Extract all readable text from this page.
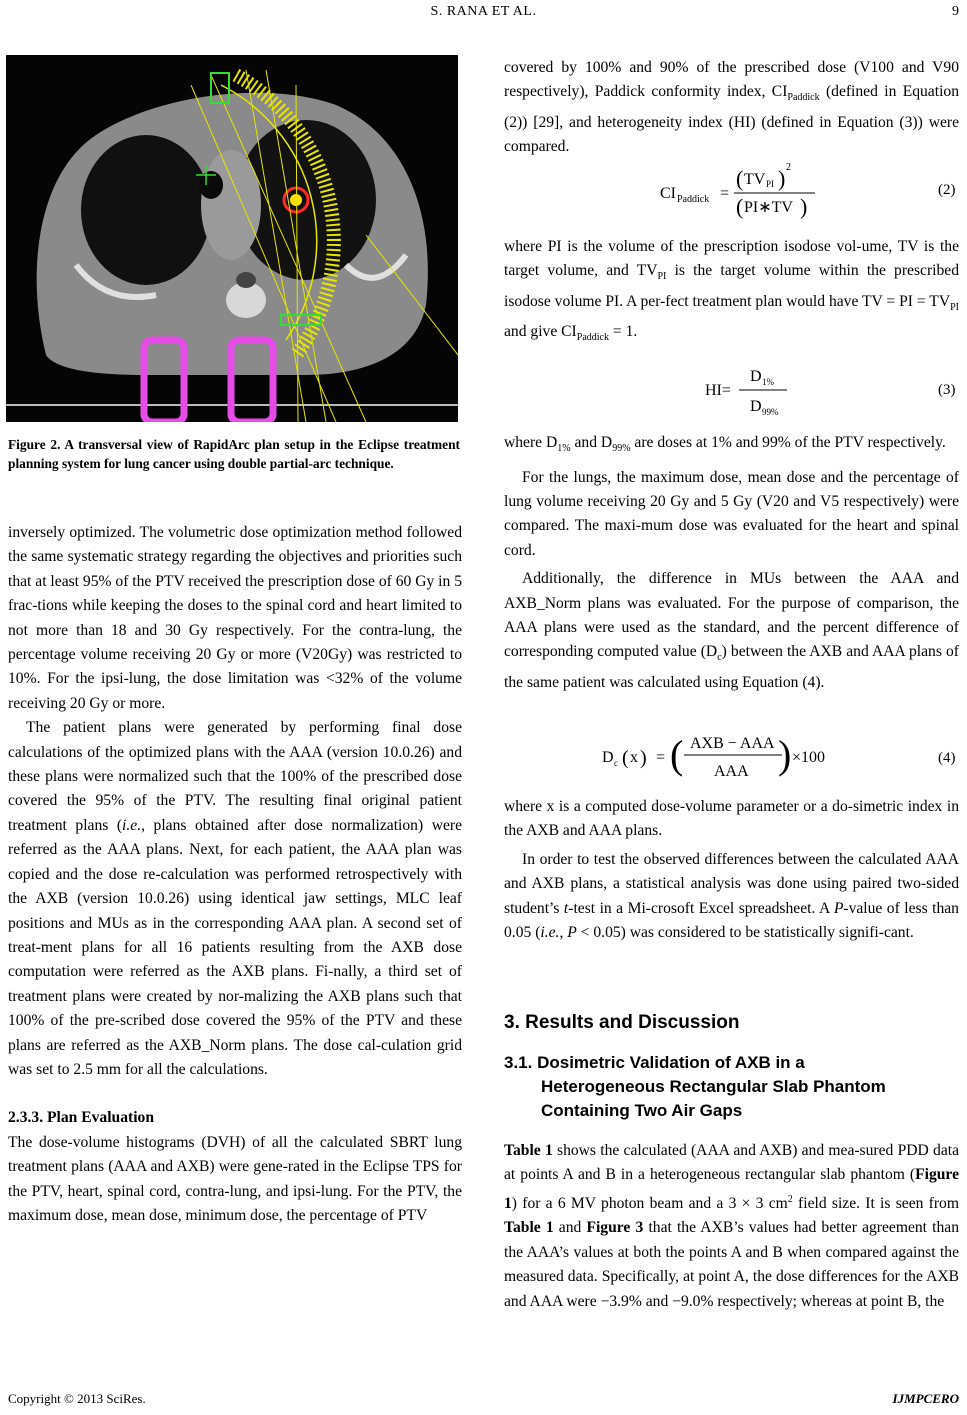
S. RANA ET AL.	9
Figure 2. A transversal view of RapidArc plan setup in the Eclipse treatment planning system for lung cancer using double partial-arc technique.

inversely optimized. The volumetric dose optimization method followed the same systematic strategy regarding the objectives and priorities such that at least 95% of the PTV received the prescription dose of 60 Gy in 5 frac-tions while keeping the doses to the spinal cord and heart limited to not more than 18 and 30 Gy respectively. For the contra-lung, the percentage volume receiving 20 Gy or more (V20Gy) was restricted to 10%. For the ipsi-lung, the dose limitation was <32% of the volume receiving 20 Gy or more.

The patient plans were generated by performing final dose calculations of the optimized plans with the AAA (version 10.0.26) and these plans were normalized such that the 100% of the prescribed dose covered the 95% of the PTV. The resulting final original patient treatment plans (i.e., plans obtained after dose normalization) were referred as the AAA plans. Next, for each patient, the AAA plan was copied and the dose re-calculation was performed retrospectively with the AXB (version 10.0.26) using identical jaw settings, MLC leaf positions and MUs as in the corresponding AAA plan. A second set of treat-ment plans for all 16 patients resulting from the AXB dose computation were referred as the AXB plans. Fi-nally, a third set of treatment plans were created by nor-malizing the AXB plans such that 100% of the pre-scribed dose covered the 95% of the PTV and these plans are referred as the AXB_Norm plans. The dose cal-culation grid was set to 2.5 mm for all the calculations.

2.3.3. Plan Evaluation

The dose-volume histograms (DVH) of all the calculated SBRT lung treatment plans (AAA and AXB) were gene-rated in the Eclipse TPS for the PTV, heart, spinal cord, contra-lung, and ipsi-lung. For the PTV, the maximum dose, mean dose, minimum dose, the percentage of PTV

covered by 100% and 90% of the prescribed dose (V100 and V90 respectively), Paddick conformity index, $CI_{Paddick}$ (defined in Equation (2)) [29], and heterogeneity index (HI) (defined in Equation (3)) were compared.

CI Paddick =
( TV PI ) 2
( PI∗TV )
(2)

where PI is the volume of the prescription isodose vol-ume, TV is the target volume, and $TV_{PI}$ is the target volume within the prescribed isodose volume PI. A per-fect treatment plan would have TV = PI = $TV_{PI}$ and give $CI_{Paddick} = 1$.

HI=
D 1%
D 99%
(3)

where $D_{1\%}$ and $D_{99\%}$ are doses at 1% and 99% of the PTV respectively.

For the lungs, the maximum dose, mean dose and the percentage of lung volume receiving 20 Gy and 5 Gy (V20 and V5 respectively) were compared. The maxi-mum dose was evaluated for the heart and spinal cord.

Additionally, the difference in MUs between the AAA and AXB_Norm plans was evaluated. For the purpose of comparison, the AAA plans were used as the standard, and the percent difference of corresponding computed value $(D_c)$ between the AXB and AAA plans of the same patient was calculated using Equation (4).

D c ( x ) = ( AXB − AAA
AAA ) ×100	(4)

where x is a computed dose-volume parameter or a do-simetric index in the AXB and AAA plans.

In order to test the observed differences between the calculated AAA and AXB plans, a statistical analysis was done using paired two-sided student’s t-test in a Mi-crosoft Excel spreadsheet. A P-value of less than 0.05 (i.e., P < 0.05) was considered to be statistically signifi-cant.

3. Results and Discussion
3.1. Dosimetric Validation of AXB in a
Heterogeneous Rectangular Slab Phantom
Containing Two Air Gaps

Table 1 shows the calculated (AAA and AXB) and mea-sured PDD data at points A and B in a heterogeneous rectangular slab phantom (Figure 1) for a 6 MV photon beam and a 3 × 3 $cm^2$ field size. It is seen from Table 1 and Figure 3 that the AXB’s values had better agreement than the AAA’s values at both the points A and B when compared against the measured data. Specifically, at point A, the dose differences for the AXB and AAA were −3.9% and −9.0% respectively; whereas at point B, the

Copyright © 2013 SciRes.	IJMPCERO
